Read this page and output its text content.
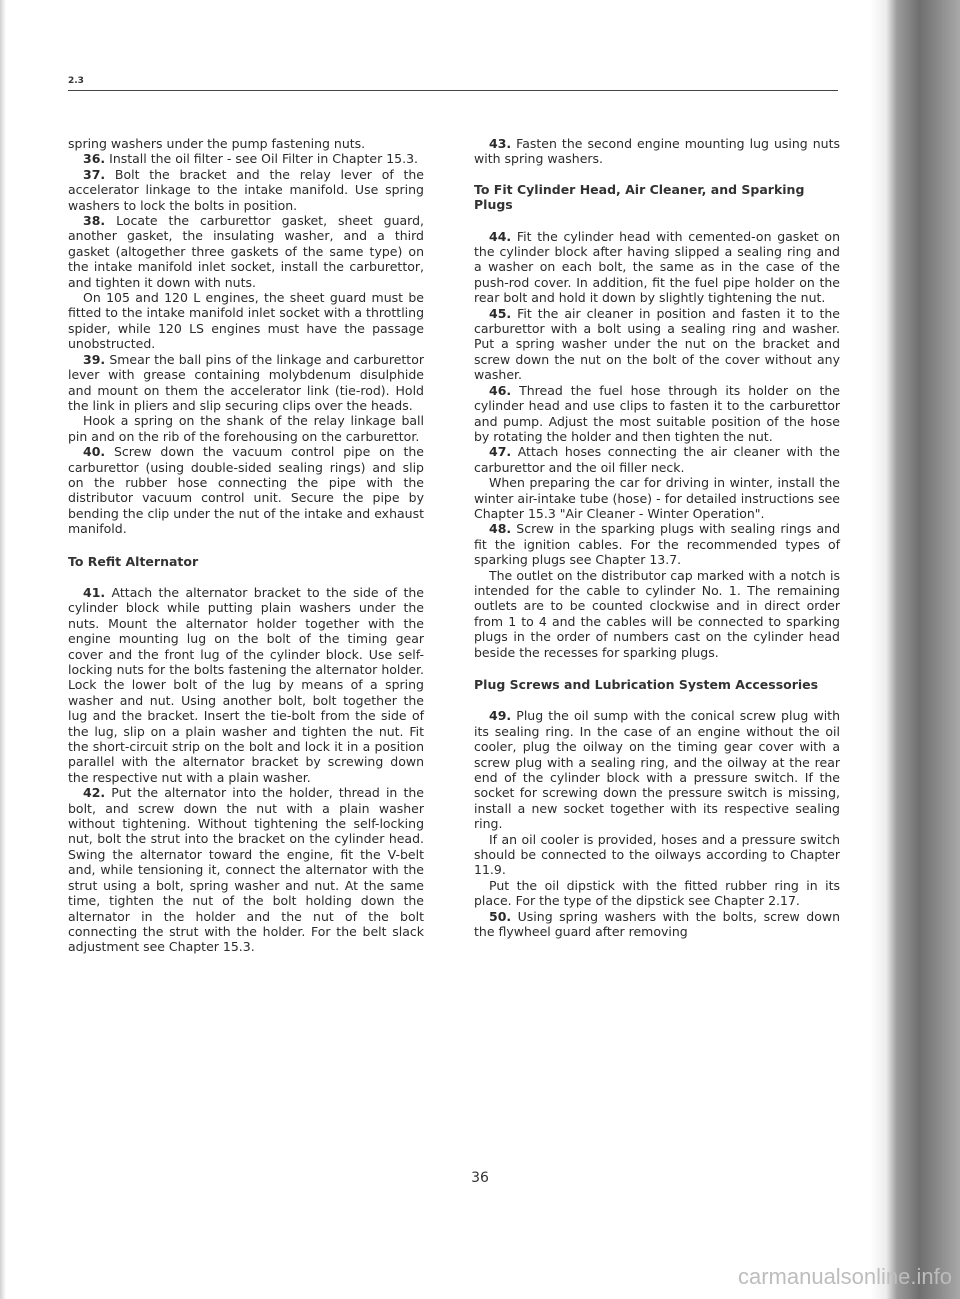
2.3

spring washers under the pump fastening nuts.

36. Install the oil filter - see Oil Filter in Chapter 15.3.

37. Bolt the bracket and the relay lever of the accelerator linkage to the intake manifold. Use spring washers to lock the bolts in position.

38. Locate the carburettor gasket, sheet guard, another gasket, the insulating washer, and a third gasket (altogether three gaskets of the same type) on the intake manifold inlet socket, install the carburettor, and tighten it down with nuts.

On 105 and 120 L engines, the sheet guard must be fitted to the intake manifold inlet socket with a throttling spider, while 120 LS engines must have the passage unobstructed.

39. Smear the ball pins of the linkage and carburettor lever with grease containing molybdenum disulphide and mount on them the accelerator link (tie-rod). Hold the link in pliers and slip securing clips over the heads.

Hook a spring on the shank of the relay linkage ball pin and on the rib of the forehousing on the carburettor.

40. Screw down the vacuum control pipe on the carburettor (using double-sided sealing rings) and slip on the rubber hose connecting the pipe with the distributor vacuum control unit. Secure the pipe by bending the clip under the nut of the intake and exhaust manifold.

To Refit Alternator

41. Attach the alternator bracket to the side of the cylinder block while putting plain washers under the nuts. Mount the alternator holder together with the engine mounting lug on the bolt of the timing gear cover and the front lug of the cylinder block. Use self-locking nuts for the bolts fastening the alternator holder. Lock the lower bolt of the lug by means of a spring washer and nut. Using another bolt, bolt together the lug and the bracket. Insert the tie-bolt from the side of the lug, slip on a plain washer and tighten the nut. Fit the short-circuit strip on the bolt and lock it in a position parallel with the alternator bracket by screwing down the respective nut with a plain washer.

42. Put the alternator into the holder, thread in the bolt, and screw down the nut with a plain washer without tightening. Without tightening the self-locking nut, bolt the strut into the bracket on the cylinder head. Swing the alternator toward the engine, fit the V-belt and, while tensioning it, connect the alternator with the strut using a bolt, spring washer and nut. At the same time, tighten the nut of the bolt holding down the alternator in the holder and the nut of the bolt connecting the strut with the holder. For the belt slack adjustment see Chapter 15.3.

43. Fasten the second engine mounting lug using nuts with spring washers.

To Fit Cylinder Head, Air Cleaner, and Sparking Plugs

44. Fit the cylinder head with cemented-on gasket on the cylinder block after having slipped a sealing ring and a washer on each bolt, the same as in the case of the push-rod cover. In addition, fit the fuel pipe holder on the rear bolt and hold it down by slightly tightening the nut.

45. Fit the air cleaner in position and fasten it to the carburettor with a bolt using a sealing ring and washer. Put a spring washer under the nut on the bracket and screw down the nut on the bolt of the cover without any washer.

46. Thread the fuel hose through its holder on the cylinder head and use clips to fasten it to the carburettor and pump. Adjust the most suitable position of the hose by rotating the holder and then tighten the nut.

47. Attach hoses connecting the air cleaner with the carburettor and the oil filler neck.

When preparing the car for driving in winter, install the winter air-intake tube (hose) - for detailed instructions see Chapter 15.3 "Air Cleaner - Winter Operation".

48. Screw in the sparking plugs with sealing rings and fit the ignition cables. For the recommended types of sparking plugs see Chapter 13.7.

The outlet on the distributor cap marked with a notch is intended for the cable to cylinder No. 1. The remaining outlets are to be counted clockwise and in direct order from 1 to 4 and the cables will be connected to sparking plugs in the order of numbers cast on the cylinder head beside the recesses for sparking plugs.

Plug Screws and Lubrication System Accessories

49. Plug the oil sump with the conical screw plug with its sealing ring. In the case of an engine without the oil cooler, plug the oilway on the timing gear cover with a screw plug with a sealing ring, and the oilway at the rear end of the cylinder block with a pressure switch. If the socket for screwing down the pressure switch is missing, install a new socket together with its respective sealing ring.

If an oil cooler is provided, hoses and a pressure switch should be connected to the oilways according to Chapter 11.9.

Put the oil dipstick with the fitted rubber ring in its place. For the type of the dipstick see Chapter 2.17.

50. Using spring washers with the bolts, screw down the flywheel guard after removing

36
carmanualsonline.info
